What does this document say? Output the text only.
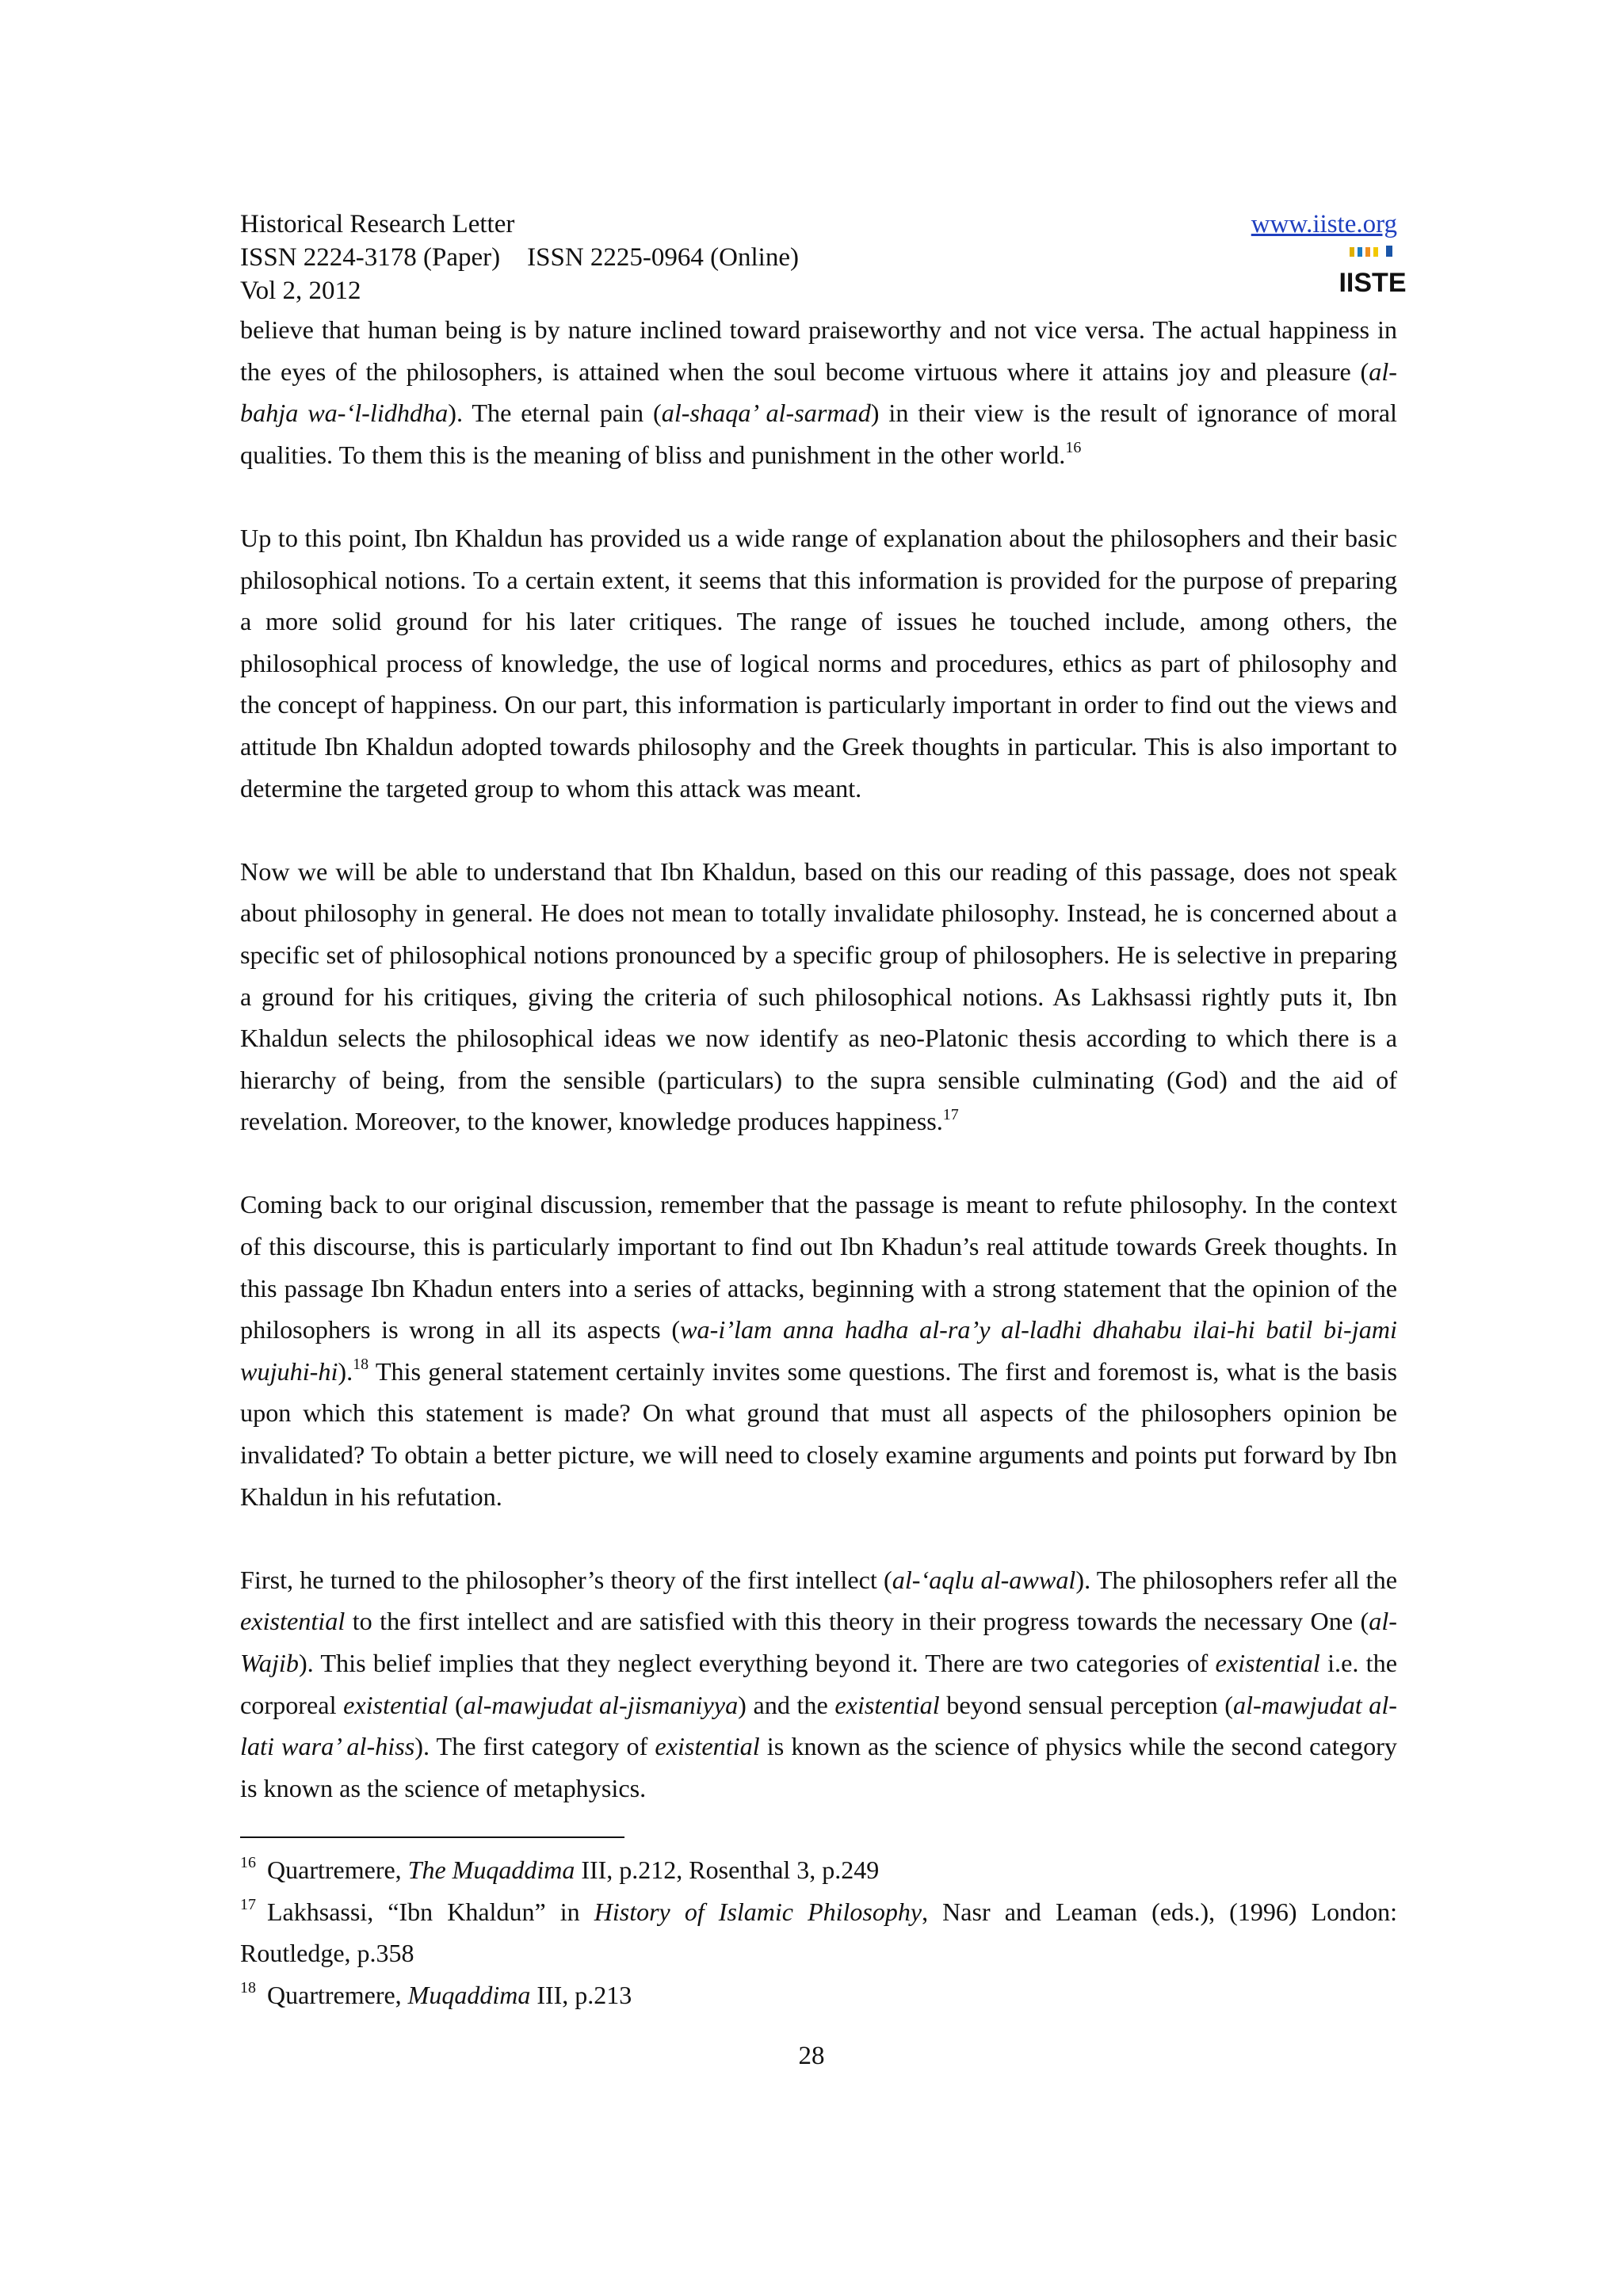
Historical Research Letter
ISSN 2224-3178 (Paper) ISSN 2225-0964 (Online)
Vol 2, 2012
www.iiste.org
IISTE

believe that human being is by nature inclined toward praiseworthy and not vice versa. The actual happiness in the eyes of the philosophers, is attained when the soul become virtuous where it attains joy and pleasure (al-bahja wa-‘l-lidhdha). The eternal pain (al-shaqa’ al-sarmad) in their view is the result of ignorance of moral qualities. To them this is the meaning of bliss and punishment in the other world.$^{16}$

Up to this point, Ibn Khaldun has provided us a wide range of explanation about the philosophers and their basic philosophical notions. To a certain extent, it seems that this information is provided for the purpose of preparing a more solid ground for his later critiques. The range of issues he touched include, among others, the philosophical process of knowledge, the use of logical norms and procedures, ethics as part of philosophy and the concept of happiness. On our part, this information is particularly important in order to find out the views and attitude Ibn Khaldun adopted towards philosophy and the Greek thoughts in particular. This is also important to determine the targeted group to whom this attack was meant.

Now we will be able to understand that Ibn Khaldun, based on this our reading of this passage, does not speak about philosophy in general. He does not mean to totally invalidate philosophy. Instead, he is concerned about a specific set of philosophical notions pronounced by a specific group of philosophers. He is selective in preparing a ground for his critiques, giving the criteria of such philosophical notions. As Lakhsassi rightly puts it, Ibn Khaldun selects the philosophical ideas we now identify as neo-Platonic thesis according to which there is a hierarchy of being, from the sensible (particulars) to the supra sensible culminating (God) and the aid of revelation. Moreover, to the knower, knowledge produces happiness.$^{17}$

Coming back to our original discussion, remember that the passage is meant to refute philosophy. In the context of this discourse, this is particularly important to find out Ibn Khadun’s real attitude towards Greek thoughts. In this passage Ibn Khadun enters into a series of attacks, beginning with a strong statement that the opinion of the philosophers is wrong in all its aspects (wa-i’lam anna hadha al-ra’y al-ladhi dhahabu ilai-hi batil bi-jami wujuhi-hi).$^{18}$ This general statement certainly invites some questions. The first and foremost is, what is the basis upon which this statement is made? On what ground that must all aspects of the philosophers opinion be invalidated? To obtain a better picture, we will need to closely examine arguments and points put forward by Ibn Khaldun in his refutation.

First, he turned to the philosopher’s theory of the first intellect (al-‘aqlu al-awwal). The philosophers refer all the existential to the first intellect and are satisfied with this theory in their progress towards the necessary One (al-Wajib). This belief implies that they neglect everything beyond it. There are two categories of existential i.e. the corporeal existential (al-mawjudat al-jismaniyya) and the existential beyond sensual perception (al-mawjudat al-lati wara’ al-hiss). The first category of existential is known as the science of physics while the second category is known as the science of metaphysics.

$^{16}$ Quartremere, The Muqaddima III, p.212, Rosenthal 3, p.249

$^{17}$ Lakhsassi, “Ibn Khaldun” in History of Islamic Philosophy, Nasr and Leaman (eds.), (1996) London: Routledge, p.358

$^{18}$ Quartremere, Muqaddima III, p.213

28
